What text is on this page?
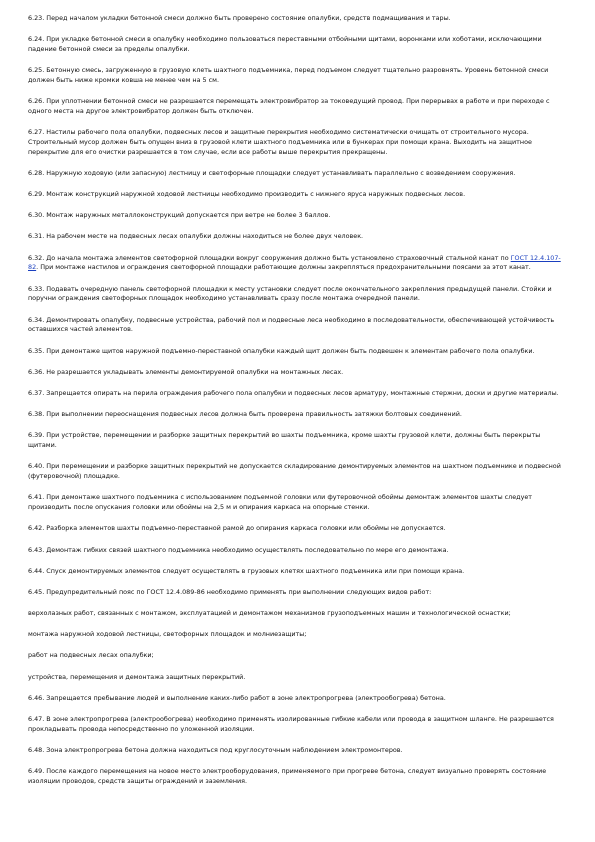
6.23. Перед началом укладки бетонной смеси должно быть проверено состояние опалубки, средств подмащивания и тары.

6.24. При укладке бетонной смеси в опалубку необходимо пользоваться переставными отбойными щитами, воронками или хоботами, исключающими падение бетонной смеси за пределы опалубки.

6.25. Бетонную смесь, загруженную в грузовую клеть шахтного подъемника, перед подъемом следует тщательно разровнять. Уровень бетонной смеси должен быть ниже кромки ковша не менее чем на 5 см.

6.26. При уплотнении бетонной смеси не разрешается перемещать электровибратор за токоведущий провод. При перерывах в работе и при переходе с одного места на другое электровибратор должен быть отключен.

6.27. Настилы рабочего пола опалубки, подвесных лесов и защитные перекрытия необходимо систематически очищать от строительного мусора. Строительный мусор должен быть опущен вниз в грузовой клети шахтного подъемника или в бункерах при помощи крана. Выходить на защитное перекрытие для его очистки разрешается в том случае, если все работы выше перекрытия прекращены.

6.28. Наружную ходовую (или запасную) лестницу и светофорные площадки следует устанавливать параллельно с возведением сооружения.

6.29. Монтаж конструкций наружной ходовой лестницы необходимо производить с нижнего яруса наружных подвесных лесов.

6.30. Монтаж наружных металлоконструкций допускается при ветре не более 3 баллов.

6.31. На рабочем месте на подвесных лесах опалубки должны находиться не более двух человек.

6.32. До начала монтажа элементов светофорной площадки вокруг сооружения должно быть установлено страховочный стальной канат по ГОСТ 12.4.107-82. При монтаже настилов и ограждения светофорной площадки работающие должны закрепляться предохранительными поясами за этот канат.

6.33. Подавать очередную панель светофорной площадки к месту установки следует после окончательного закрепления предыдущей панели. Стойки и поручни ограждения светофорных площадок необходимо устанавливать сразу после монтажа очередной панели.

6.34. Демонтировать опалубку, подвесные устройства, рабочий пол и подвесные леса необходимо в последовательности, обеспечивающей устойчивость оставшихся частей элементов.

6.35. При демонтаже щитов наружной подъемно-переставной опалубки каждый щит должен быть подвешен к элементам рабочего пола опалубки.

6.36. Не разрешается укладывать элементы демонтируемой опалубки на монтажных лесах.

6.37. Запрещается опирать на перила ограждения рабочего пола опалубки и подвесных лесов арматуру, монтажные стержни, доски и другие материалы.

6.38. При выполнении переоснащения подвесных лесов должна быть проверена правильность затяжки болтовых соединений.

6.39. При устройстве, перемещении и разборке защитных перекрытий во шахты подъемника, кроме шахты грузовой клети, должны быть перекрыты щитами.

6.40. При перемещении и разборке защитных перекрытий не допускается складирование демонтируемых элементов на шахтном подъемнике и подвесной (футеровочной) площадке.

6.41. При демонтаже шахтного подъемника с использованием подъемной головки или футеровочной обоймы демонтаж элементов шахты следует производить после опускания головки или обоймы на 2,5 м и опирания каркаса на опорные стенки.

6.42. Разборка элементов шахты подъемно-переставной рамой до опирания каркаса головки или обоймы не допускается.

6.43. Демонтаж гибких связей шахтного подъемника необходимо осуществлять последовательно по мере его демонтажа.

6.44. Спуск демонтируемых элементов следует осуществлять в грузовых клетях шахтного подъемника или при помощи крана.

6.45. Предупредительный пояс по ГОСТ 12.4.089-86 необходимо применять при выполнении следующих видов работ:

верхолазных работ, связанных с монтажом, эксплуатацией и демонтажом механизмов грузоподъемных машин и технологической оснастки;

монтажа наружной ходовой лестницы, светофорных площадок и молниезащиты;

работ на подвесных лесах опалубки;

устройства, перемещения и демонтажа защитных перекрытий.

6.46. Запрещается пребывание людей и выполнение каких-либо работ в зоне электропрогрева (электрообогрева) бетона.

6.47. В зоне электропрогрева (электрообогрева) необходимо применять изолированные гибкие кабели или провода в защитном шланге. Не разрешается прокладывать провода непосредственно по уложенной изоляции.

6.48. Зона электропрогрева бетона должна находиться под круглосуточным наблюдением электромонтеров.

6.49. После каждого перемещения на новое место электрооборудования, применяемого при прогреве бетона, следует визуально проверять состояние изоляции проводов, средств защиты ограждений и заземления.
